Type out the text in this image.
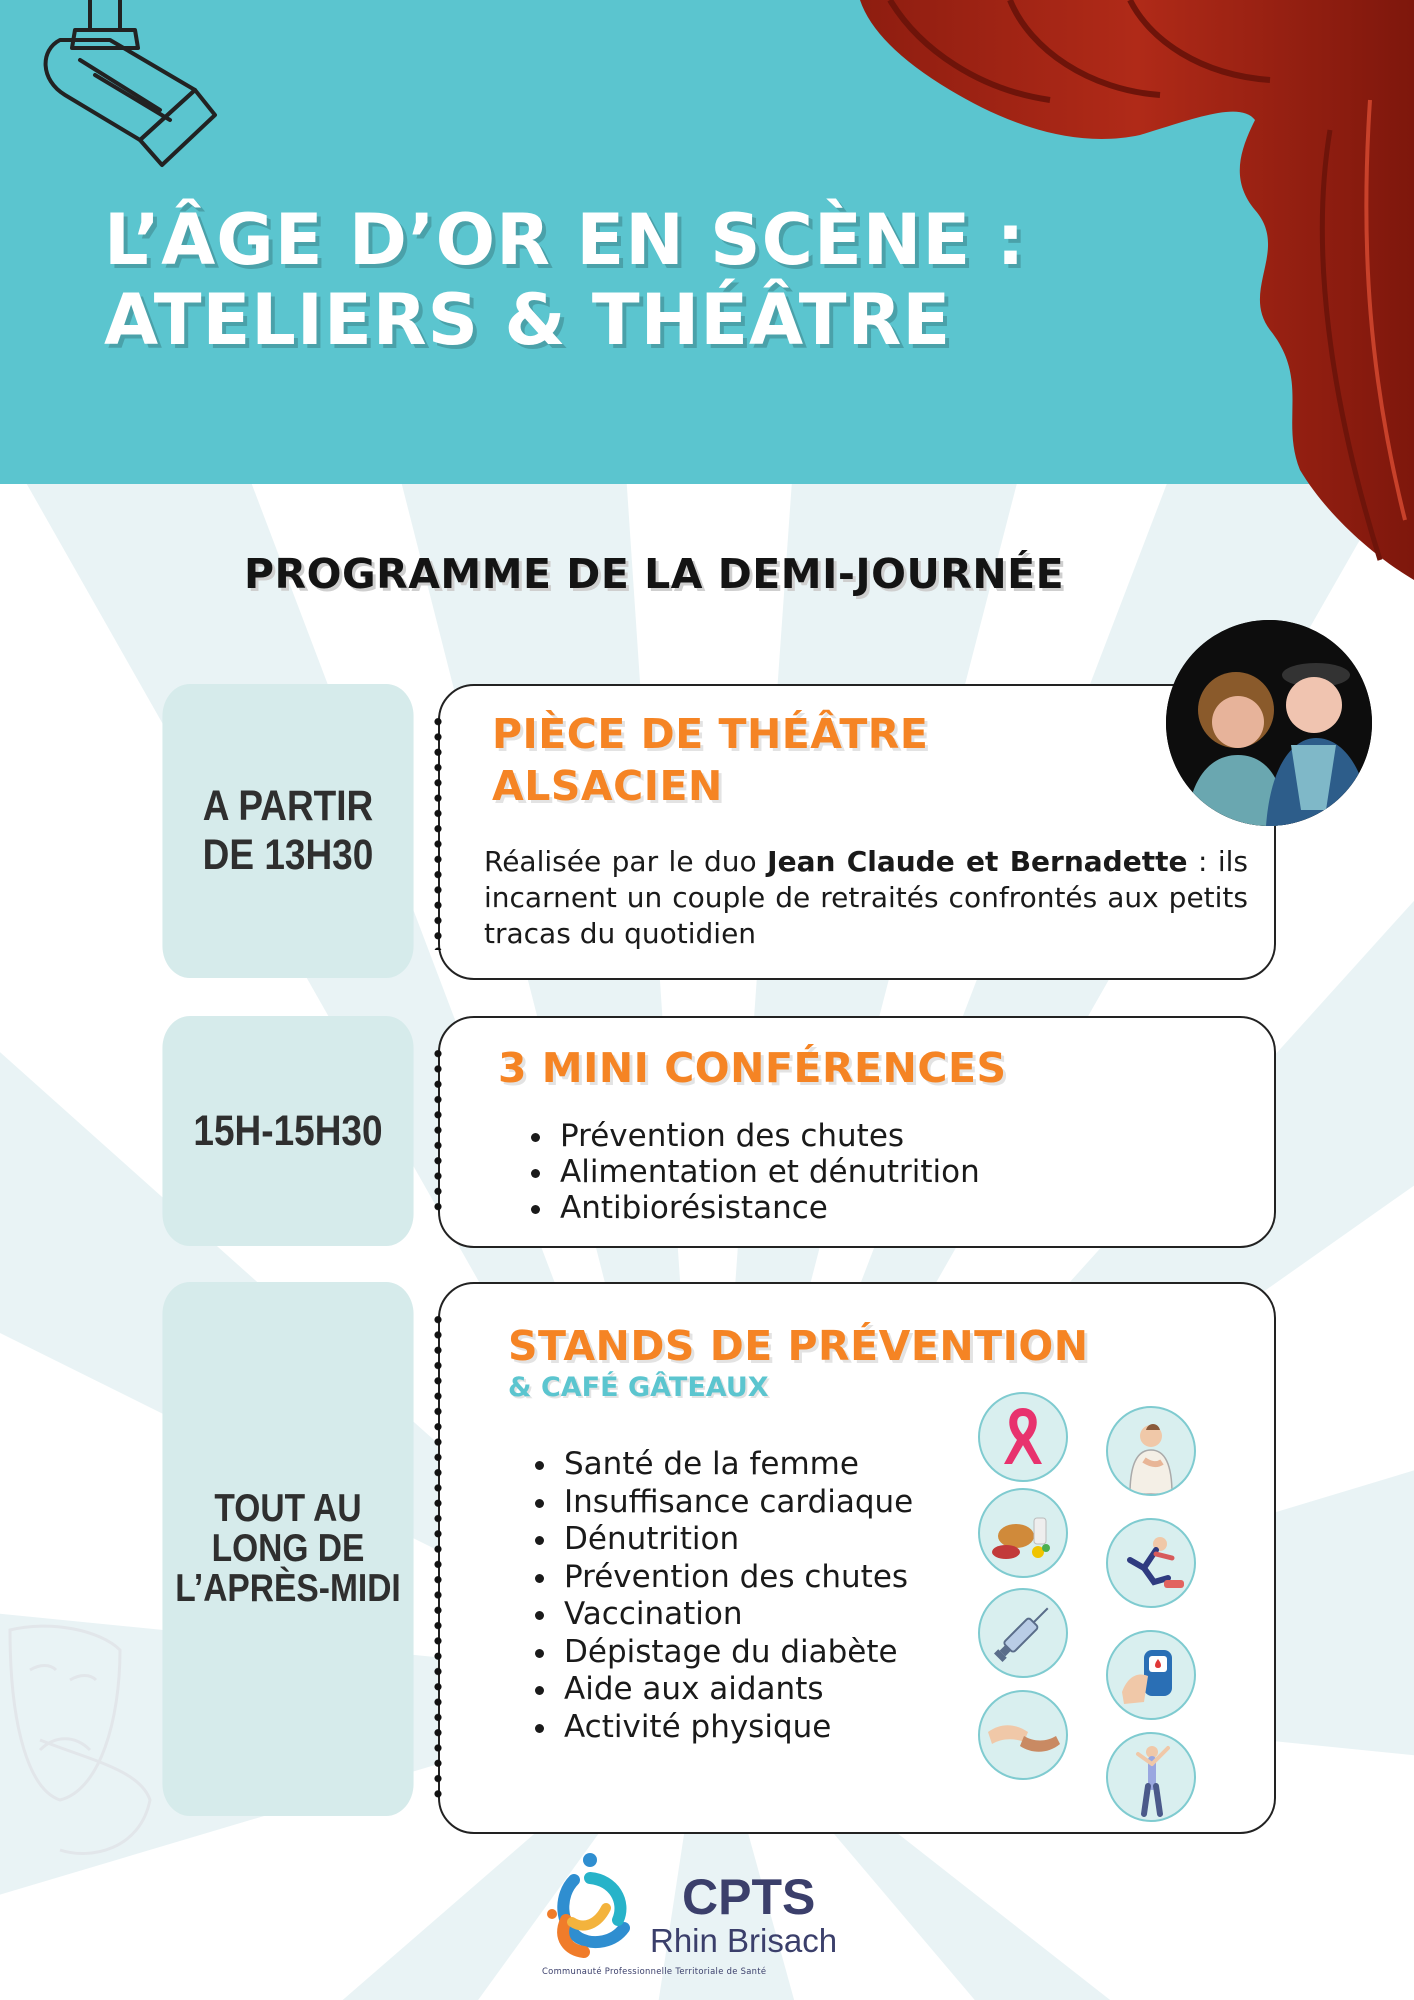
L’ÂGE D’OR EN SCÈNE :
ATELIERS & THÉÂTRE
PROGRAMME DE LA DEMI-JOURNÉE
A PARTIR DE 13H30
PIÈCE DE THÉÂTRE
ALSACIEN
Réalisée par le duo Jean Claude et Bernadette : ils incarnent un couple de retraités confrontés aux petits tracas du quotidien
15H-15H30
3 MINI CONFÉRENCES
• Prévention des chutes
• Alimentation et dénutrition
• Antibiorésistance
TOUT AU LONG DE
L’APRÈS-MIDI
STANDS DE PRÉVENTION
& CAFÉ GÂTEAUX
• Santé de la femme
• Insuffisance cardiaque
• Dénutrition
• Prévention des chutes
• Vaccination
• Dépistage du diabète
• Aide aux aidants
• Activité physique
CPTS
Rhin Brisach
Communauté Professionnelle Territoriale de Santé
